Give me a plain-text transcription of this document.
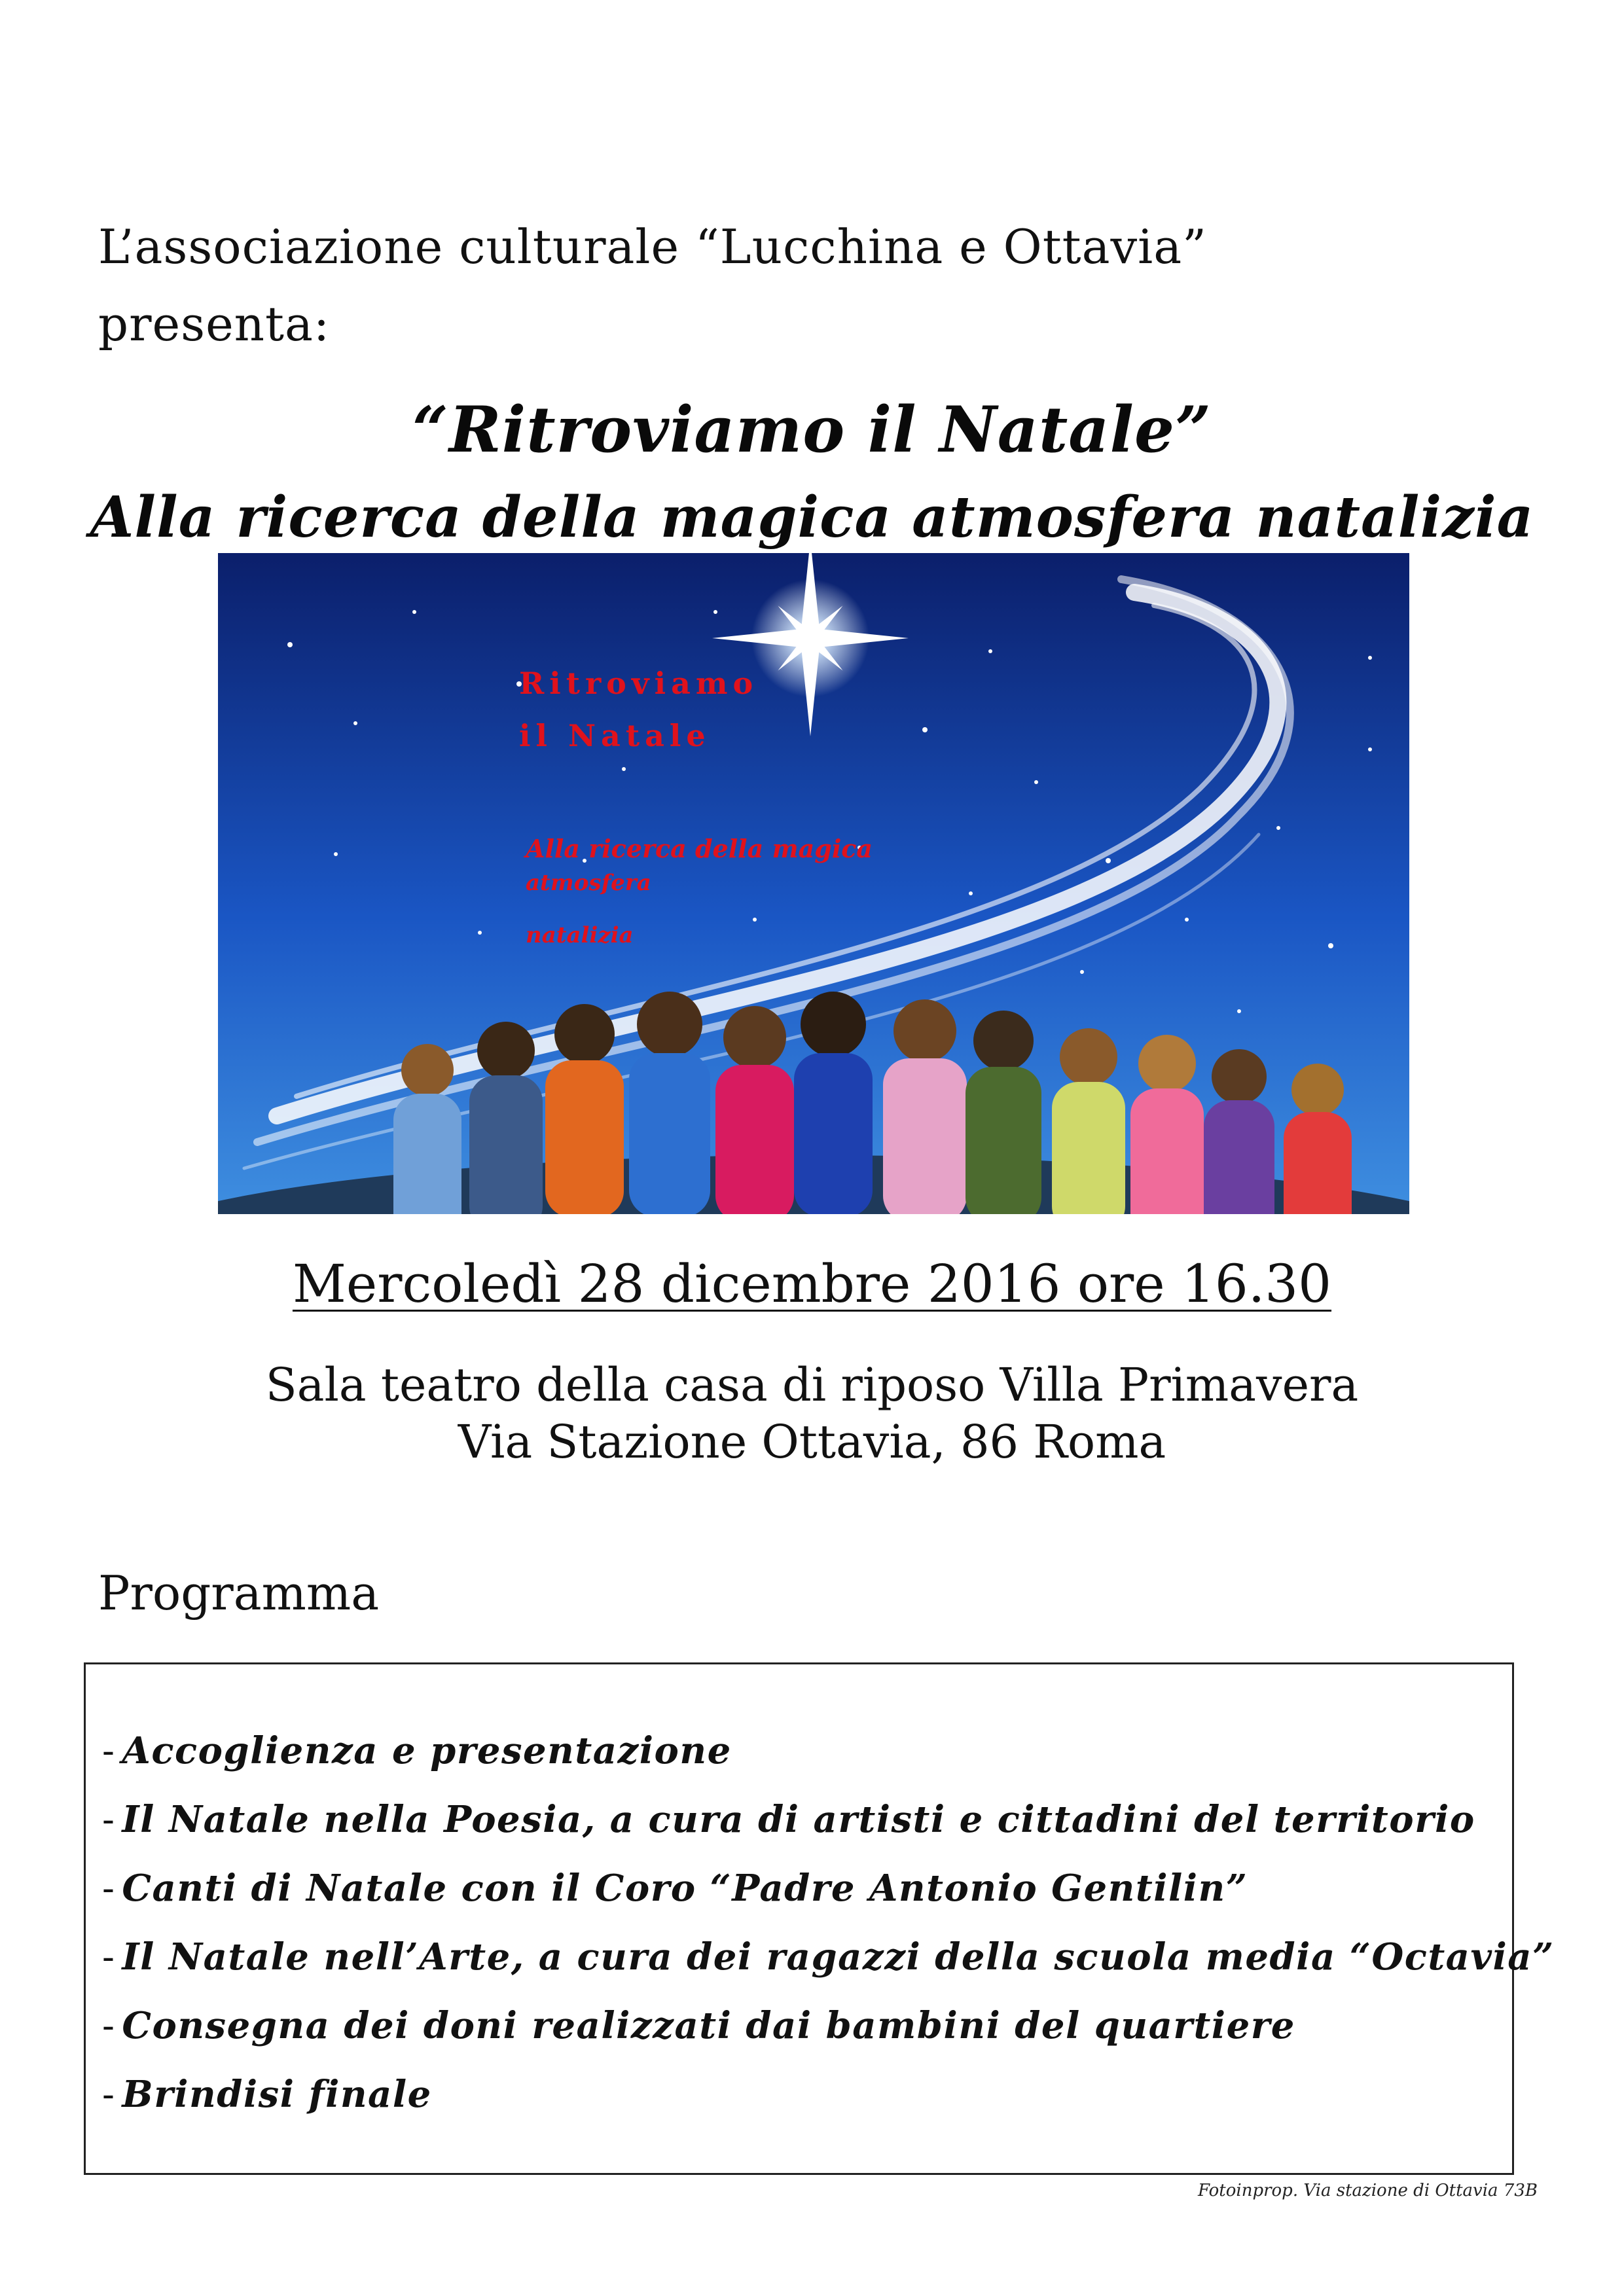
L’associazione culturale “Lucchina e Ottavia”
presenta:

“Ritroviamo il Natale”
Alla ricerca della magica atmosfera natalizia
Ritroviamo
il Natale
Alla ricerca della magica
atmosfera
natalizia

Mercoledì 28 dicembre 2016 ore 16.30

Sala teatro della casa di riposo Villa Primavera

Via Stazione Ottavia, 86 Roma

Programma

- Accoglienza e presentazione
- Il Natale nella Poesia, a cura di artisti e cittadini del territorio
- Canti di Natale con il Coro “Padre Antonio Gentilin”
- Il Natale nell’Arte, a cura dei ragazzi della scuola media “Octavia”
- Consegna dei doni realizzati dai bambini del quartiere
- Brindisi finale

Fotoinprop. Via stazione di Ottavia 73B
